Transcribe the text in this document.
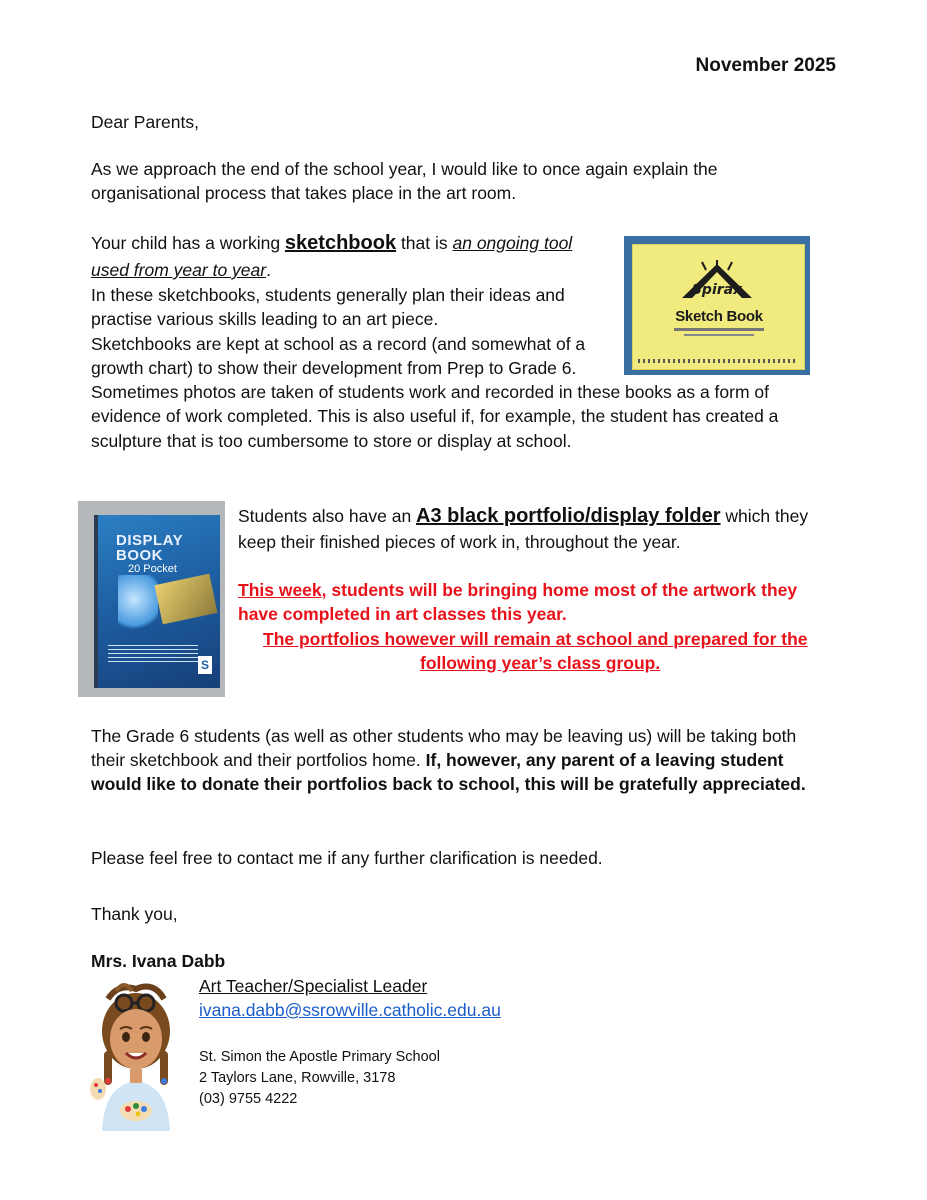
November 2025

Dear Parents,

As we approach the end of the school year, I would like to once again explain the

organisational process that takes place in the art room.

Your child has a working sketchbook that is an ongoing tool

used from year to year.

In these sketchbooks, students generally plan their ideas and

practise various skills leading to an art piece.

Sketchbooks are kept at school as a record (and somewhat of a

growth chart) to show their development from Prep to Grade 6.

Sometimes photos are taken of students work and recorded in these books as a form of

evidence of work completed. This is also useful if, for example, the student has created a

sculpture that is too cumbersome to store or display at school.

Spirax
Sketch Book
DISPLAY
BOOK
20 Pocket
S

Students also have an A3 black portfolio/display folder which they

keep their finished pieces of work in, throughout the year.

This week, students will be bringing home most of the artwork they

have completed in art classes this year.

The portfolios however will remain at school and prepared for the

following year’s class group.

The Grade 6 students (as well as other students who may be leaving us) will be taking both

their sketchbook and their portfolios home. If, however, any parent of a leaving student

would like to donate their portfolios back to school, this will be gratefully appreciated.

Please feel free to contact me if any further clarification is needed.

Thank you,

Mrs. Ivana Dabb

Art Teacher/Specialist Leader

ivana.dabb@ssrowville.catholic.edu.au

St. Simon the Apostle Primary School

2 Taylors Lane, Rowville, 3178

(03) 9755 4222
